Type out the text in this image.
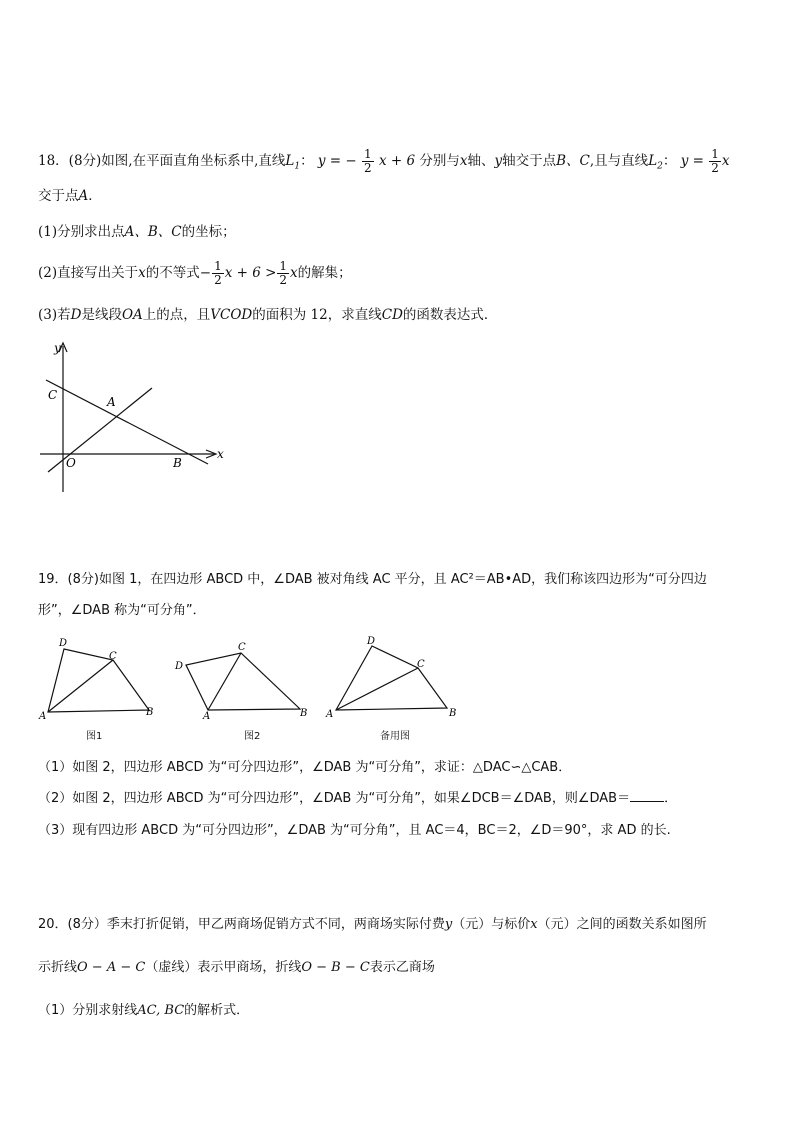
18．(8分)如图,在平面直角坐标系中,直线$L_1$： y = − $\frac{1}{2}$ x + 6 分别与x轴、y轴交于点B、C,且与直线$L_2$： $y = \frac{1}{2}$ x
交于点A．
(1)分别求出点A、B、C的坐标；
(2)直接写出关于x的不等式− $\frac{1}{2}$ $x + 6 > \frac{1}{2}$ x的解集；
(3)若D是线段OA上的点，且VCOD的面积为 12，求直线CD的函数表达式．
y
x
C	A
O	B
19．(8分)如图 1，在四边形 ABCD 中，∠DAB 被对角线 AC 平分，且 AC²＝AB•AD，我们称该四边形为“可分四边
形”，∠DAB 称为“可分角”．
D
C
A	B
图1
D
C
A	B
图2
D
C
A	B
备用图
（1）如图 2，四边形 ABCD 为“可分四边形”，∠DAB 为“可分角”，求证：△DAC∽△CAB．
（2）如图 2，四边形 ABCD 为“可分四边形”，∠DAB 为“可分角”，如果∠DCB＝∠DAB，则∠DAB＝	．
（3）现有四边形 ABCD 为“可分四边形”，∠DAB 为“可分角”，且 AC＝4，BC＝2，∠D＝90°，求 AD 的长.
20．(8分）季末打折促销，甲乙两商场促销方式不同，两商场实际付费y（元）与标价x（元）之间的函数关系如图所
示折线O − A − C（虚线）表示甲商场，折线O − B − C表示乙商场
（1）分别求射线AC, BC的解析式．
